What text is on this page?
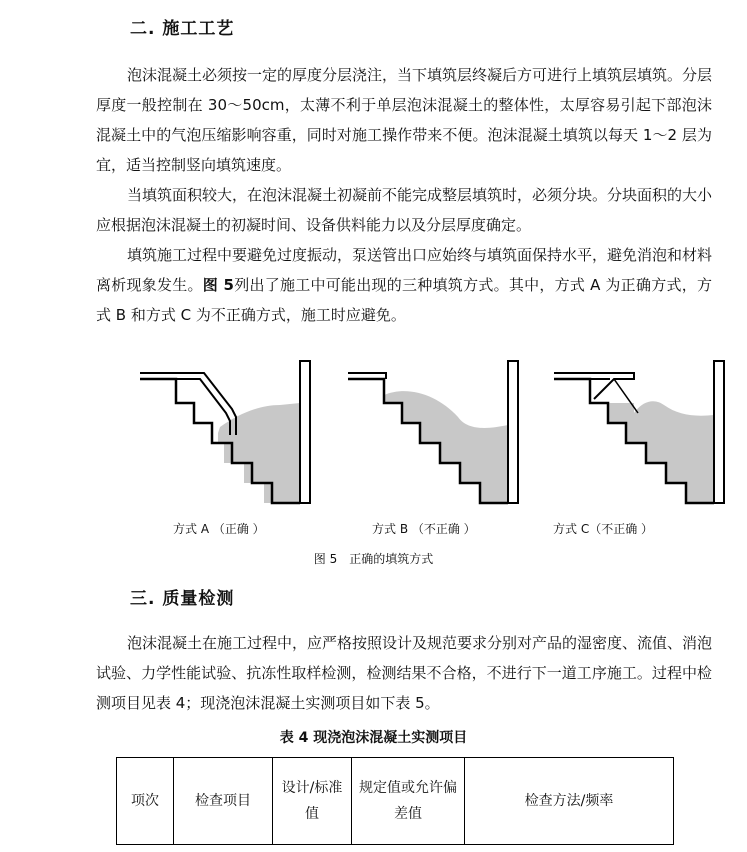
二. 施工工艺

泡沫混凝土必须按一定的厚度分层浇注，当下填筑层终凝后方可进行上填筑层填筑。分层厚度一般控制在 30～50cm，太薄不利于单层泡沫混凝土的整体性，太厚容易引起下部泡沫混凝土中的气泡压缩影响容重，同时对施工操作带来不便。泡沫混凝土填筑以每天 1～2 层为宜，适当控制竖向填筑速度。

当填筑面积较大，在泡沫混凝土初凝前不能完成整层填筑时，必须分块。分块面积的大小应根据泡沫混凝土的初凝时间、设备供料能力以及分层厚度确定。

填筑施工过程中要避免过度振动，泵送管出口应始终与填筑面保持水平，避免消泡和材料离析现象发生。图 5列出了施工中可能出现的三种填筑方式。其中，方式 A 为正确方式，方式 B 和方式 C 为不正确方式，施工时应避免。

方式 A （正确 ）	方式 B （不正确 ）	方式 C（不正确 ）
图 5　正确的填筑方式
三. 质量检测

泡沫混凝土在施工过程中，应严格按照设计及规范要求分别对产品的湿密度、流值、消泡试验、力学性能试验、抗冻性取样检测，检测结果不合格，不进行下一道工序施工。过程中检测项目见表 4；现浇泡沫混凝土实测项目如下表 5。

表 4 现浇泡沫混凝土实测项目
项次	检查项目	设计/标准值	规定值或允许偏差值	检查方法/频率
